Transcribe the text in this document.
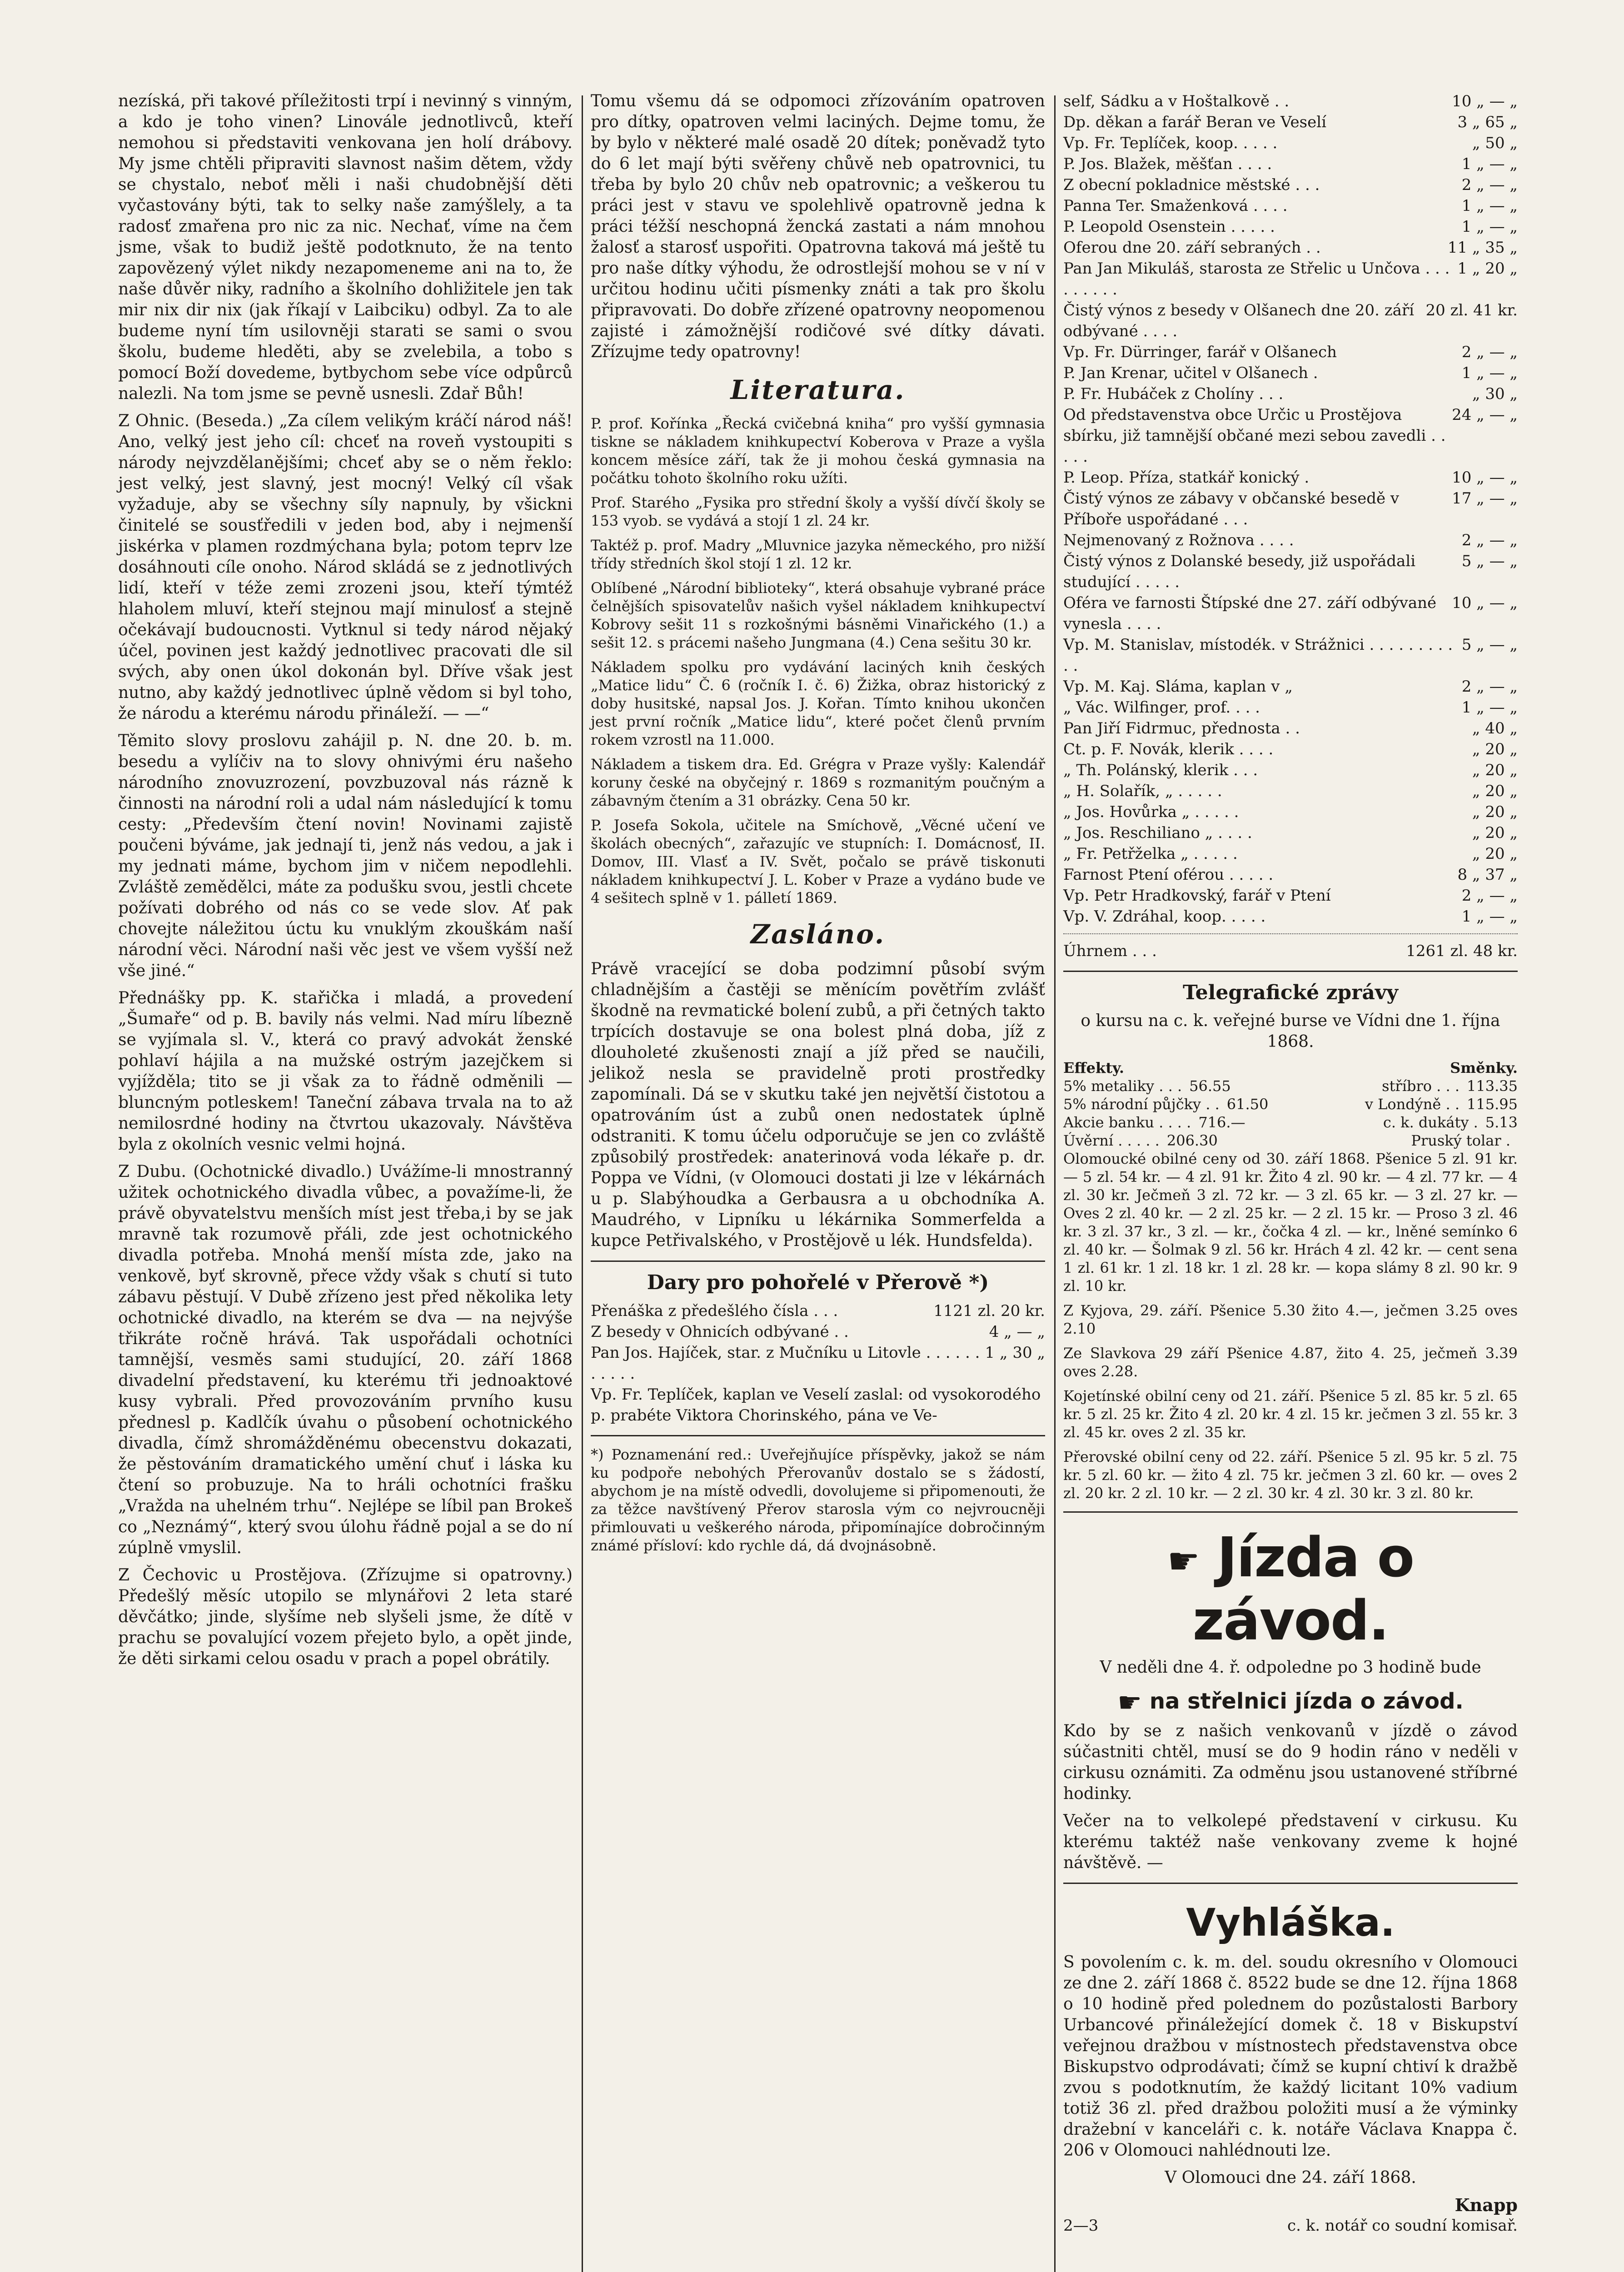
nezíská, při takové příležitosti trpí i nevinný s vinným, a kdo je toho vinen? Linovále jednotlivců, kteří nemohou si představiti venkovana jen holí drábovy. My jsme chtěli připraviti slavnost našim dětem, vždy se chystalo, neboť měli i naši chudobnější děti vyčastovány býti, tak to selky naše zamýšlely, a ta radosť zmařena pro nic za nic. Nechať, víme na čem jsme, však to budiž ještě podotknuto, že na tento zapovězený výlet nikdy nezapomeneme ani na to, že naše důvěr niky, radního a školního dohližitele jen tak mir nix dir nix (jak říkají v Laibciku) odbyl. Za to ale budeme nyní tím usilovněji starati se sami o svou školu, budeme hleděti, aby se zvelebila, a tobo s pomocí Boží dovedeme, bytbychom sebe více odpůrců nalezli. Na tom jsme se pevně usnesli. Zdař Bůh!

Z Ohnic. (Beseda.) „Za cílem velikým kráčí národ náš! Ano, velký jest jeho cíl: chceť na roveň vystoupiti s národy nejvzdělanějšími; chceť aby se o něm řeklo: jest velký, jest slavný, jest mocný! Velký cíl však vyžaduje, aby se všechny síly napnuly, by všickni činitelé se sousťředili v jeden bod, aby i nejmenší jiskérka v plamen rozdmýchana byla; potom teprv lze dosáhnouti cíle onoho. Národ skládá se z jednotlivých lidí, kteří v téže zemi zrozeni jsou, kteří týmtéž hlaholem mluví, kteří stejnou mají minulosť a stejně očekávají budoucnosti. Vytknul si tedy národ nějaký účel, povinen jest každý jednotlivec pracovati dle sil svých, aby onen úkol dokonán byl. Dříve však jest nutno, aby každý jednotlivec úplně vědom si byl toho, že národu a kterému národu přináleží. — —“

Těmito slovy proslovu zahájil p. N. dne 20. b. m. besedu a vylíčiv na to slovy ohnivými éru našeho národního znovuzrození, povzbuzoval nás rázně k činnosti na národní roli a udal nám následující k tomu cesty: „Především čtení novin! Novinami zajistě poučeni býváme, jak jednají ti, jenž nás vedou, a jak i my jednati máme, bychom jim v ničem nepodlehli. Zvláště zemědělci, máte za podušku svou, jestli chcete požívati dobrého od nás co se vede slov. Ať pak chovejte náležitou úctu ku vnuklým zkouškám naší národní věci. Národní naši věc jest ve všem vyšší než vše jiné.“

Přednášky pp. K. stařička i mladá, a provedení „Šumaře“ od p. B. bavily nás velmi. Nad míru líbezně se vyjímala sl. V., která co pravý advokát ženské pohlaví hájila a na mužské ostrým jazejčkem si vyjížděla; tito se ji však za to řádně odměnili — bluncným potleskem! Taneční zábava trvala na to až nemilosrdné hodiny na čtvrtou ukazovaly. Návštěva byla z okolních vesnic velmi hojná.

Z Dubu. (Ochotnické divadlo.) Uvážíme-li mnostranný užitek ochotnického divadla vůbec, a považíme-li, že právě obyvatelstvu menších míst jest třeba,i by se jak mravně tak rozumově přáli, zde jest ochotnického divadla potřeba. Mnohá menší místa zde, jako na venkově, byť skrovně, přece vždy však s chutí si tuto zábavu pěstují. V Dubě zřízeno jest před několika lety ochotnické divadlo, na kterém se dva — na nejvýše třikráte ročně hrává. Tak uspořádali ochotníci tamnější, vesměs sami studující, 20. září 1868 divadelní představení, ku kterému tři jednoaktové kusy vybrali. Před provozováním prvního kusu přednesl p. Kadlčík úvahu o působení ochotnického divadla, čímž shromážděnému obecenstvu dokazati, že pěstováním dramatického umění chuť i láska ku čtení so probuzuje. Na to hráli ochotníci frašku „Vražda na uhelném trhu“. Nejlépe se líbil pan Brokeš co „Neznámý“, který svou úlohu řádně pojal a se do ní zúplně vmyslil.

Z Čechovic u Prostějova. (Zřízujme si opatrovny.) Předešlý měsíc utopilo se mlynářovi 2 leta staré děvčátko; jinde, slyšíme neb slyšeli jsme, že dítě v prachu se povalující vozem přejeto bylo, a opět jinde, že děti sirkami celou osadu v prach a popel obrátily.

Tomu všemu dá se odpomoci zřízováním opatroven pro dítky, opatroven velmi laciných. Dejme tomu, že by bylo v některé malé osadě 20 dítek; poněvadž tyto do 6 let mají býti svěřeny chůvě neb opatrovnici, tu třeba by bylo 20 chův neb opatrovnic; a veškerou tu práci jest v stavu ve spolehlivě opatrovně jedna k práci téžší neschopná žencká zastati a nám mnohou žalosť a starosť uspořiti. Opatrovna taková má ještě tu pro naše dítky výhodu, že odrostlejší mohou se v ní v určitou hodinu učiti písmenky znáti a tak pro školu připravovati. Do dobře zřízené opatrovny neopomenou zajisté i zámožnější rodičové své dítky dávati. Zřízujme tedy opatrovny!

Literatura.

P. prof. Kořínka „Řecká cvičebná kniha“ pro vyšší gymnasia tiskne se nákladem knihkupectví Koberova v Praze a vyšla koncem měsíce září, tak že ji mohou česká gymnasia na počátku tohoto školního roku užíti.

Prof. Starého „Fysika pro střední školy a vyšší dívčí školy se 153 vyob. se vydává a stojí 1 zl. 24 kr.

Taktéž p. prof. Madry „Mluvnice jazyka německého, pro nižší třídy středních škol stojí 1 zl. 12 kr.

Oblíbené „Národní biblioteky“, která obsahuje vybrané práce čelnějších spisovatelův našich vyšel nákladem knihkupectví Kobrovy sešit 11 s rozkošnými básněmi Vinařického (1.) a sešit 12. s prácemi našeho Jungmana (4.) Cena sešitu 30 kr.

Nákladem spolku pro vydávání laciných knih českých „Matice lidu“ Č. 6 (ročník I. č. 6) Žižka, obraz historický z doby husitské, napsal Jos. J. Kořan. Tímto knihou ukončen jest první ročník „Matice lidu“, které počet členů prvním rokem vzrostl na 11.000.

Nákladem a tiskem dra. Ed. Grégra v Praze vyšly: Kalendář koruny české na obyčejný r. 1869 s rozmanitým poučným a zábavným čtením a 31 obrázky. Cena 50 kr.

P. Josefa Sokola, učitele na Smíchově, „Věcné učení ve školách obecných“, zařazujíc ve stupních: I. Domácnosť, II. Domov, III. Vlasť a IV. Svět, počalo se právě tiskonuti nákladem knihkupectví J. L. Kober v Praze a vydáno bude ve 4 sešitech splně v 1. pálletí 1869.

Zasláno.

Právě vracející se doba podzimní působí svým chladnějším a častěji se měnícím povětřím zvlášť škodně na revmatické bolení zubů, a při četných takto trpících dostavuje se ona bolest plná doba, jíž z dlouholeté zkušenosti znají a jíž před se naučili, jelikož nesla se pravidelně proti prostředky zapomínali. Dá se v skutku také jen největší čistotou a opatrováním úst a zubů onen nedostatek úplně odstraniti. K tomu účelu odporučuje se jen co zvláště způsobilý prostředek: anaterinová voda lékaře p. dr. Poppa ve Vídni, (v Olomouci dostati ji lze v lékárnách u p. Slabýhoudka a Gerbausra a u obchodníka A. Maudrého, v Lipníku u lékárnika Sommerfelda a kupce Petřivalského, v Prostějově u lék. Hundsfelda).

Dary pro pohořelé v Přerově *)
Přenáška z předešlého čísla . . .	1121 zl. 20 kr.
Z besedy v Ohnicích odbývané . .	4 „ — „
Pan Jos. Hajíček, star. z Mučníku u Litovle . . . . . . . . . . .
1 „ 30 „
Vp. Fr. Teplíček, kaplan ve Veselí zaslal: od vysokorodého p. prabéte Viktora Chorinského, pána ve Ve-

*) Poznamenání red.: Uveřejňujíce příspěvky, jakož se nám ku podpoře nebohých Přerovanův dostalo se s žádostí, abychom je na místě odvedli, dovolujeme si připomenouti, že za těžce navštívený Přerov starosla vým co nejvroucněji přimlouvati u veškerého národa, připomínajíce dobročinným známé přísloví: kdo rychle dá, dá dvojnásobně.

self, Sádku a v Hoštalkově . .	10 „ — „
Dp. děkan a farář Beran ve Veselí	3 „ 65 „
Vp. Fr. Teplíček, koop. . . . .	„ 50 „
P. Jos. Blažek, měšťan . . . .	1 „ — „
Z obecní pokladnice městské . . .	2 „ — „
Panna Ter. Smaženková . . . .	1 „ — „
P. Leopold Osenstein . . . . .	1 „ — „
Oferou dne 20. září sebraných . .	11 „ 35 „
Pan Jan Mikuláš, starosta ze Střelic u Unčova . . . . . . . . .
1 „ 20 „
Čistý výnos z besedy v Olšanech dne 20. září odbývané . . . .
20 zl. 41 kr.
Vp. Fr. Dürringer, farář v Olšanech	2 „ — „
P. Jan Krenar, učitel v Olšanech .	1 „ — „
P. Fr. Hubáček z Cholíny . . .	„ 30 „
Od představenstva obce Určic u Prostějova sbírku, již tamnější občané mezi sebou zavedli . . . . .
24 „ — „
P. Leop. Příza, statkář konický .	10 „ — „
Čistý výnos ze zábavy v občanské besedě v Příboře uspořádané . . .
17 „ — „
Nejmenovaný z Rožnova . . . .	2 „ — „
Čistý výnos z Dolanské besedy, již uspořádali studující . . . . .
5 „ — „
Oféra ve farnosti Štípské dne 27. září odbývané vynesla . . . .
10 „ — „
Vp. M. Stanislav, místodék. v Strážnici . . . . . . . . . . .
5 „ — „
Vp. M. Kaj. Sláma, kaplan v „	2 „ — „
„ Vác. Wilfinger, prof. . . .	1 „ — „
Pan Jiří Fidrmuc, přednosta . .	„ 40 „
Ct. p. F. Novák, klerik . . . .	„ 20 „
„ Th. Polánský, klerik . . .	„ 20 „
„ H. Solařík, „ . . . . .	„ 20 „
„ Jos. Hovůrka „ . . . . .	„ 20 „
„ Jos. Reschiliano „ . . . .	„ 20 „
„ Fr. Petřželka „ . . . . .	„ 20 „
Farnost Ptení oférou . . . . .	8 „ 37 „
Vp. Petr Hradkovský, farář v Ptení	2 „ — „
Vp. V. Zdráhal, koop. . . . .	1 „ — „
Úhrnem . . .	1261 zl. 48 kr.
Telegrafické zprávy

o kursu na c. k. veřejné burse ve Vídni dne 1. října 1868.

Effekty.	Směnky.
5% metaliky . . . 56.55	stříbro . . . 113.35
5% národní půjčky . . 61.50	v Londýně . . 115.95
Akcie banku . . . . 716.—	c. k. dukáty . 5.13
Úvěrní . . . . . 206.30	Pruský tolar .

Olomoucké obilné ceny od 30. září 1868. Pšenice 5 zl. 91 kr. — 5 zl. 54 kr. — 4 zl. 91 kr. Žito 4 zl. 90 kr. — 4 zl. 77 kr. — 4 zl. 30 kr. Ječmeň 3 zl. 72 kr. — 3 zl. 65 kr. — 3 zl. 27 kr. — Oves 2 zl. 40 kr. — 2 zl. 25 kr. — 2 zl. 15 kr. — Proso 3 zl. 46 kr. 3 zl. 37 kr., 3 zl. — kr., čočka 4 zl. — kr., lněné semínko 6 zl. 40 kr. — Šolmak 9 zl. 56 kr. Hrách 4 zl. 42 kr. — cent sena 1 zl. 61 kr. 1 zl. 18 kr. 1 zl. 28 kr. — kopa slámy 8 zl. 90 kr. 9 zl. 10 kr.

Z Kyjova, 29. září. Pšenice 5.30 žito 4.—, ječmen 3.25 oves 2.10

Ze Slavkova 29 září Pšenice 4.87, žito 4. 25, ječmeň 3.39 oves 2.28.

Kojetínské obilní ceny od 21. září. Pšenice 5 zl. 85 kr. 5 zl. 65 kr. 5 zl. 25 kr. Žito 4 zl. 20 kr. 4 zl. 15 kr. ječmen 3 zl. 55 kr. 3 zl. 45 kr. oves 2 zl. 35 kr.

Přerovské obilní ceny od 22. září. Pšenice 5 zl. 95 kr. 5 zl. 75 kr. 5 zl. 60 kr. — žito 4 zl. 75 kr. ječmen 3 zl. 60 kr. — oves 2 zl. 20 kr. 2 zl. 10 kr. — 2 zl. 30 kr. 4 zl. 30 kr. 3 zl. 80 kr.

☛ Jízda o závod.

V neděli dne 4. ř. odpoledne po 3 hodině bude

☛ na střelnici jízda o závod.

Kdo by se z našich venkovanů v jízdě o závod súčastniti chtěl, musí se do 9 hodin ráno v neděli v cirkusu oznámiti. Za odměnu jsou ustanovené stříbrné hodinky.

Večer na to velkolepé představení v cirkusu. Ku kterému taktéž naše venkovany zveme k hojné návštěvě. —

Vyhláška.

S povolením c. k. m. del. soudu okresního v Olomouci ze dne 2. září 1868 č. 8522 bude se dne 12. října 1868 o 10 hodině před polednem do pozůstalosti Barbory Urbancové přináležející domek č. 18 v Biskupství veřejnou dražbou v místnostech představenstva obce Biskupstvo odprodávati; čímž se kupní chtiví k dražbě zvou s podotknutím, že každý licitant 10% vadium totiž 36 zl. před dražbou položiti musí a že výminky dražební v kanceláři c. k. notáře Václava Knappa č. 206 v Olomouci nahlédnouti lze.

V Olomouci dne 24. září 1868.

Knapp
2—3	c. k. notář co soudní komisař.
